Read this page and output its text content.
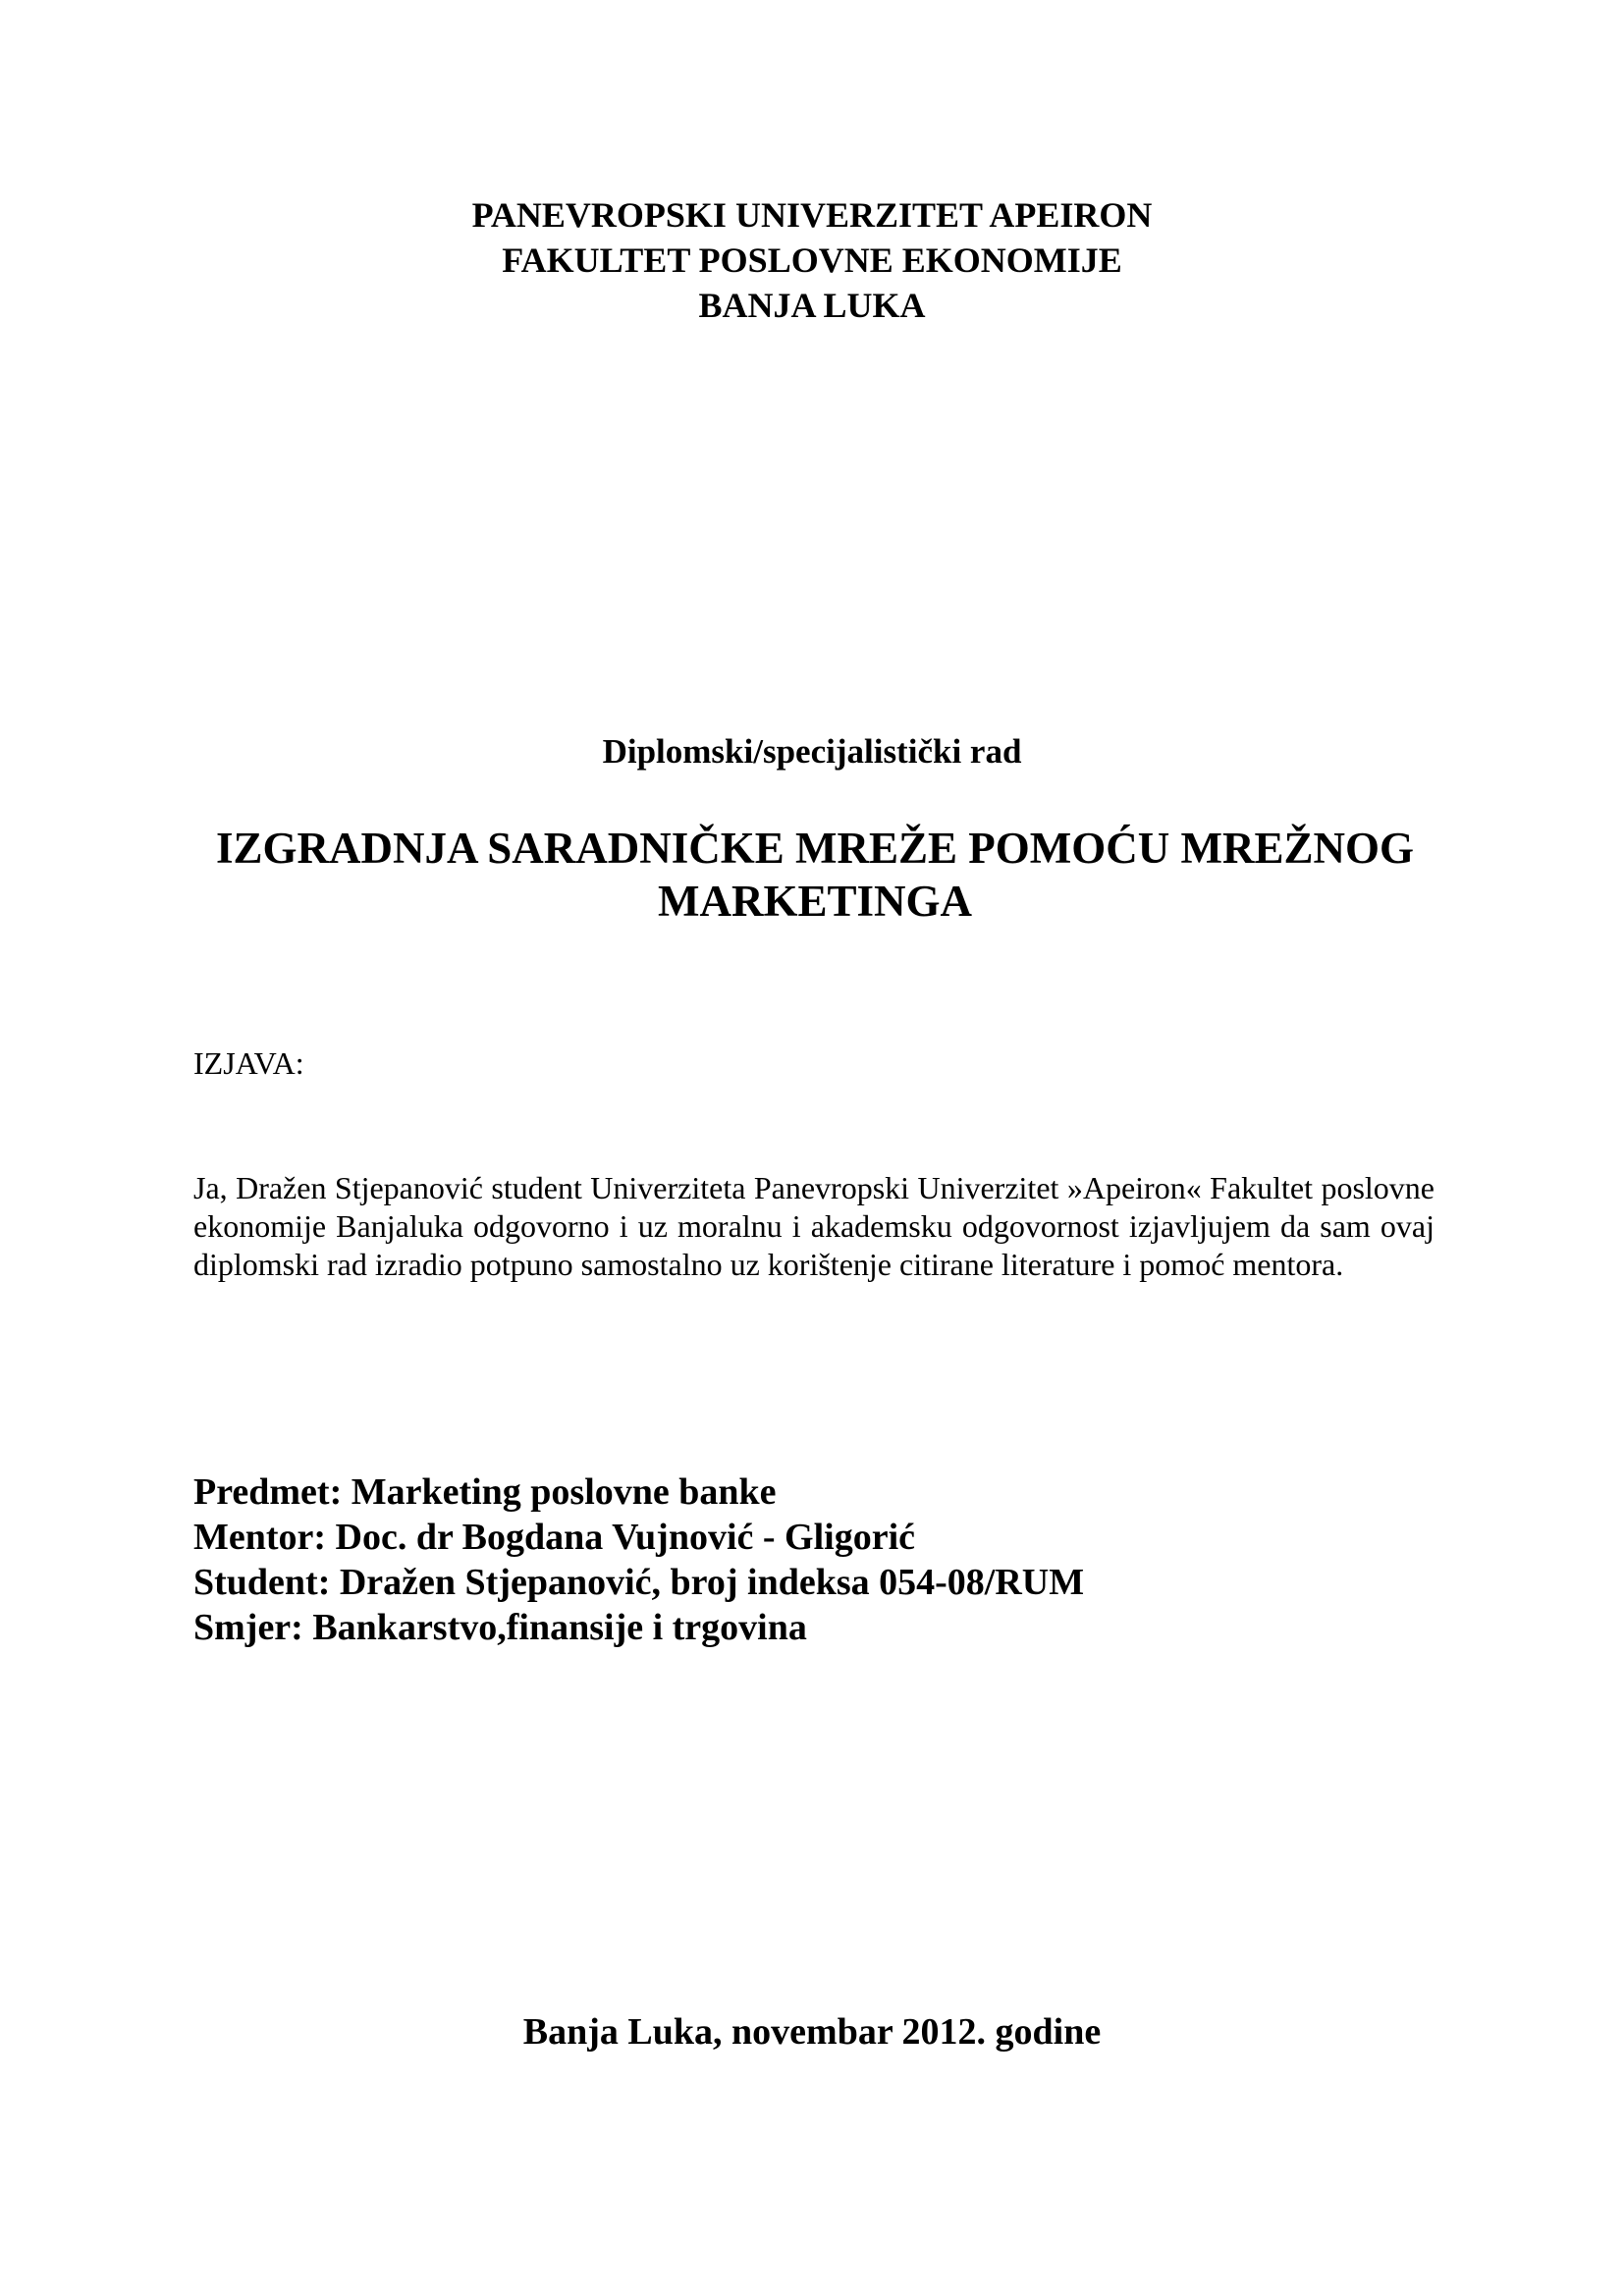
PANEVROPSKI UNIVERZITET APEIRON
FAKULTET POSLOVNE EKONOMIJE
BANJA LUKA
Diplomski/specijalistički rad
IZGRADNJA SARADNIČKE MREŽE POMOĆU MREŽNOG MARKETINGA
IZJAVA:
Ja, Dražen Stjepanović student Univerziteta Panevropski Univerzitet »Apeiron« Fakultet poslovne ekonomije Banjaluka odgovorno i uz moralnu i akademsku odgovornost izjavljujem da sam ovaj diplomski rad izradio potpuno samostalno uz korištenje citirane literature i pomoć mentora.
Predmet: Marketing poslovne banke
Mentor: Doc. dr Bogdana Vujnović - Gligorić
Student: Dražen Stjepanović, broj indeksa 054-08/RUM
Smjer: Bankarstvo,finansije i trgovina
Banja Luka, novembar 2012. godine
